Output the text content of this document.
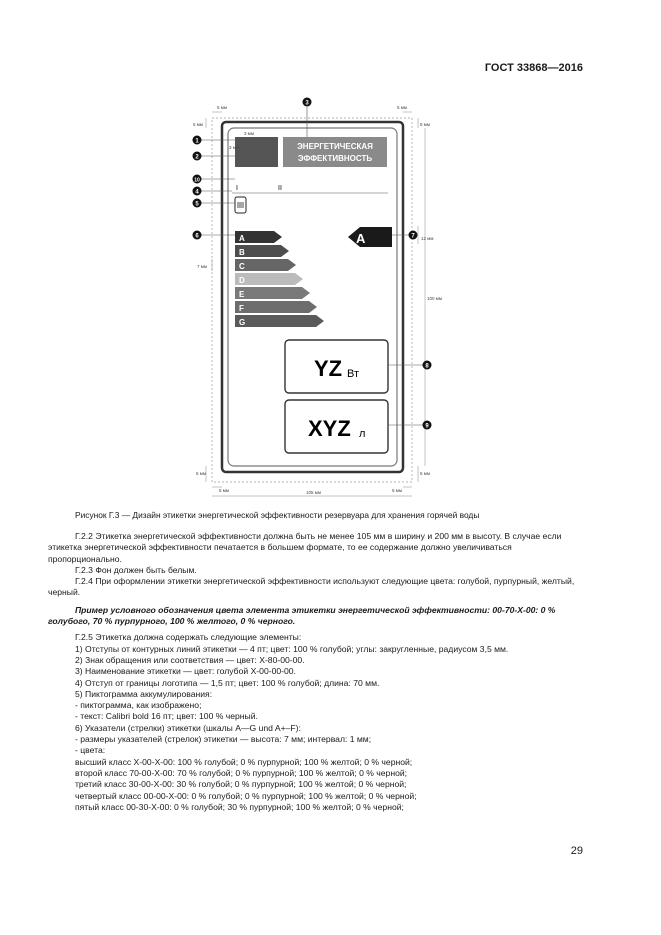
ГОСТ 33868—2016
ЭНЕРГЕТИЧЕСКАЯ
ЭФФЕКТИВНОСТЬ
I	II
A
B
C
D
E
F
G
A
YZ Вт
XYZ л
5 мм	5 мм
5 мм	5 мм
3 мм
3 мм
12 мм
7 мм
100 мм
5 мм	5 мм
5 мм	5 мм
105 мм
3
1
2
10
4
5
6	7
8
9
Рисунок Г.3 — Дизайн этикетки энергетической эффективности резервуара для хранения горячей воды

Г.2.2 Этикетка энергетической эффективности должна быть не менее 105 мм в ширину и 200 мм в высоту. В случае если этикетка энергетической эффективности печатается в большем формате, то ее содержание должно увеличиваться пропорционально.

Г.2.3 Фон должен быть белым.

Г.2.4 При оформлении этикетки энергетической эффективности используют следующие цвета: голубой, пурпурный, желтый, черный.

Пример условного обозначения цвета элемента этикетки энергетической эффективности: 00-70-X-00: 0 % голубого, 70 % пурпурного, 100 % желтого, 0 % черного.

Г.2.5 Этикетка должна содержать следующие элементы:

1) Отступы от контурных линий этикетки — 4 пт; цвет: 100 % голубой; углы: закругленные, радиусом 3,5 мм.

2) Знак обращения или соответствия — цвет: X-80-00-00.

3) Наименование этикетки — цвет: голубой X-00-00-00.

4) Отступ от границы логотипа — 1,5 пт; цвет: 100 % голубой; длина: 70 мм.

5) Пиктограмма аккумулирования:

- пиктограмма, как изображено;

- текст: Calibri bold 16 пт; цвет: 100 % черный.

6) Указатели (стрелки) этикетки (шкалы A—G und A+–F):

- размеры указателей (стрелок) этикетки — высота: 7 мм; интервал: 1 мм;

- цвета:

высший класс X-00-X-00: 100 % голубой; 0 % пурпурной; 100 % желтой; 0 % черной;

второй класс 70-00-X-00: 70 % голубой; 0 % пурпурной; 100 % желтой; 0 % черной;

третий класс 30-00-X-00: 30 % голубой; 0 % пурпурной; 100 % желтой; 0 % черной;

четвертый класс 00-00-X-00: 0 % голубой; 0 % пурпурной; 100 % желтой; 0 % черной;

пятый класс 00-30-X-00: 0 % голубой; 30 % пурпурной; 100 % желтой; 0 % черной;

29
